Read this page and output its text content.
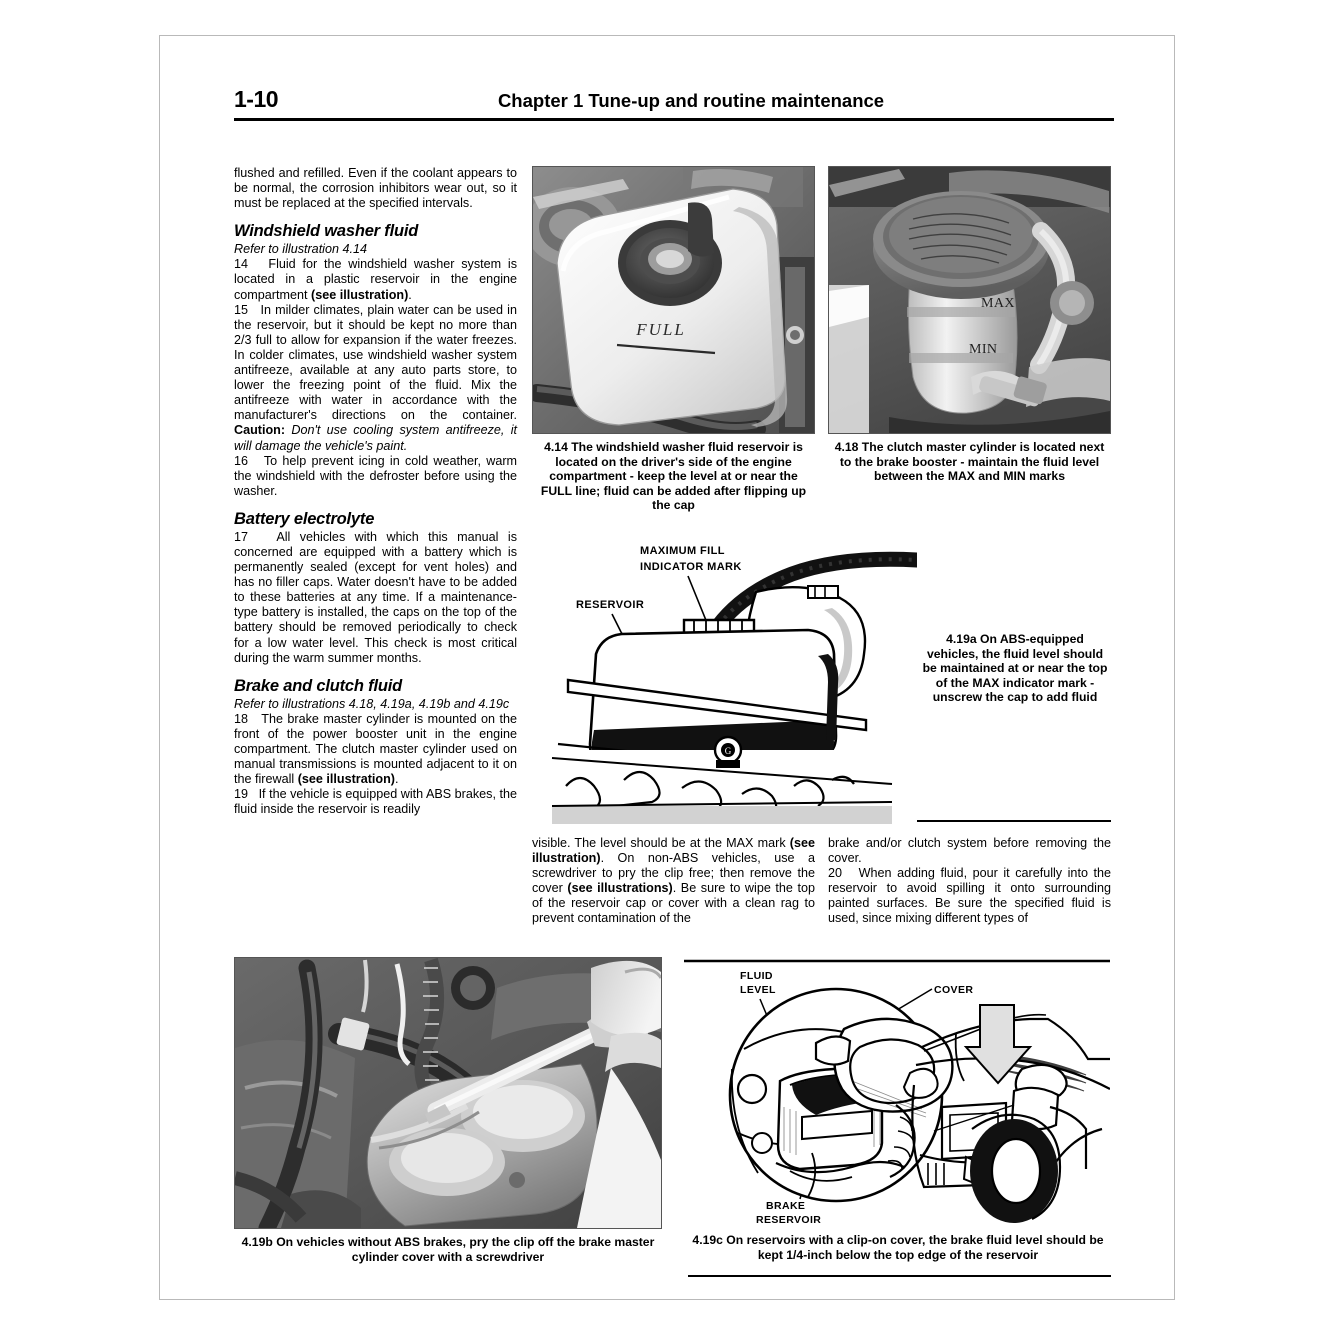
1-10	Chapter 1 Tune-up and routine maintenance

flushed and refilled. Even if the coolant appears to be normal, the corrosion inhibitors wear out, so it must be replaced at the specified intervals.

Windshield washer fluid

Refer to illustration 4.14

14 Fluid for the windshield washer system is located in a plastic reservoir in the engine compartment (see illustration).

15 In milder climates, plain water can be used in the reservoir, but it should be kept no more than 2/3 full to allow for expansion if the water freezes. In colder climates, use windshield washer system antifreeze, available at any auto parts store, to lower the freezing point of the fluid. Mix the antifreeze with water in accordance with the manufacturer's directions on the container. Caution: Don't use cooling system antifreeze, it will damage the vehicle's paint.

16 To help prevent icing in cold weather, warm the windshield with the defroster before using the washer.

Battery electrolyte

17 All vehicles with which this manual is concerned are equipped with a battery which is permanently sealed (except for vent holes) and has no filler caps. Water doesn't have to be added to these batteries at any time. If a maintenance-type battery is installed, the caps on the top of the battery should be removed periodically to check for a low water level. This check is most critical during the warm summer months.

Brake and clutch fluid

Refer to illustrations 4.18, 4.19a, 4.19b and 4.19c

18 The brake master cylinder is mounted on the front of the power booster unit in the engine compartment. The clutch master cylinder used on manual transmissions is mounted adjacent to it on the firewall (see illustration).

19 If the vehicle is equipped with ABS brakes, the fluid inside the reservoir is readily

visible. The level should be at the MAX mark (see illustration). On non-ABS vehicles, use a screwdriver to pry the clip free; then remove the cover (see illustrations). Be sure to wipe the top of the reservoir cap or cover with a clean rag to prevent contamination of the

brake and/or clutch system before removing the cover.

20 When adding fluid, pour it carefully into the reservoir to avoid spilling it onto surrounding painted surfaces. Be sure the specified fluid is used, since mixing different types of

FULL
4.14 The windshield washer fluid reservoir is located on the driver's side of the engine compartment - keep the level at or near the FULL line; fluid can be added after flipping up the cap
MAX
MIN
4.18 The clutch master cylinder is located next to the brake booster - maintain the fluid level between the MAX and MIN marks
MAXIMUM FILL
INDICATOR MARK
RESERVOIR
G
4.19a On ABS-equipped vehicles, the fluid level should be maintained at or near the top of the MAX indicator mark - unscrew the cap to add fluid
4.19b On vehicles without ABS brakes, pry the clip off the brake master cylinder cover with a screwdriver
FLUID
LEVEL	COVER
BRAKE
RESERVOIR
4.19c On reservoirs with a clip-on cover, the brake fluid level should be kept 1/4-inch below the top edge of the reservoir
